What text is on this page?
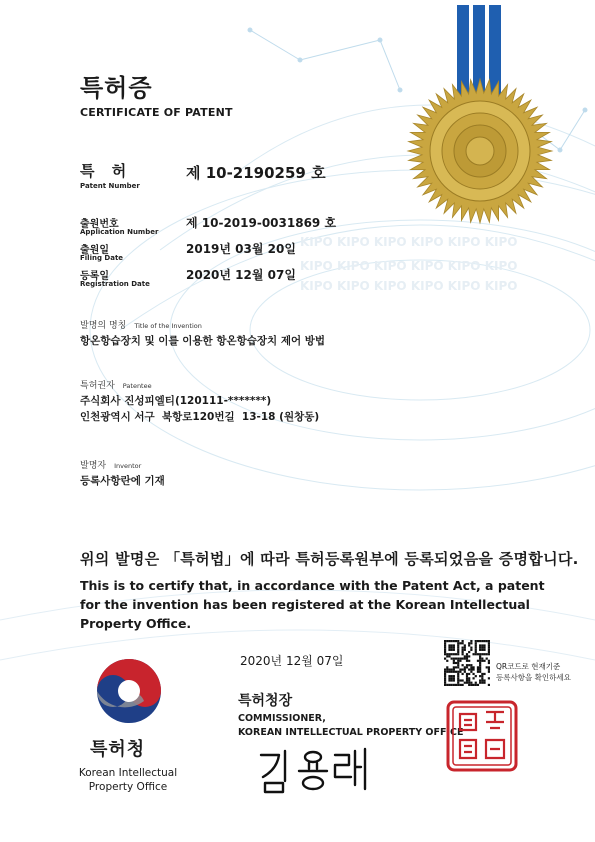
KIPO KIPO KIPO KIPO KIPO KIPO
KIPO KIPO KIPO KIPO KIPO KIPO
KIPO KIPO KIPO KIPO KIPO KIPO
특허증
CERTIFICATE OF PATENT
특 허
Patent Number
제 10-2190259 호
출원번호
Application Number
제 10-2019-0031869 호
출원일
Filing Date
2019년 03월 20일
등록일
Registration Date
2020년 12월 07일
발명의 명칭 Title of the Invention
항온항습장치 및 이를 이용한 항온항습장치 제어 방법
특허권자 Patentee
주식회사 진성피엘티(120111-*******)
인천광역시 서구  북항로120번길  13-18 (원창동)
발명자 Inventor
등록사항란에 기재
위의 발명은 「특허법」에 따라 특허등록원부에 등록되었음을 증명합니다.
This is to certify that, in accordance with the Patent Act, a patent for the invention has been registered at the Korean Intellectual Property Office.
2020년 12월 07일	QR코드로 현재기준
등록사항을 확인하세요
특허청장
COMMISSIONER,
KOREAN INTELLECTUAL PROPERTY OFFICE
특허청
Korean Intellectual
Property Office
